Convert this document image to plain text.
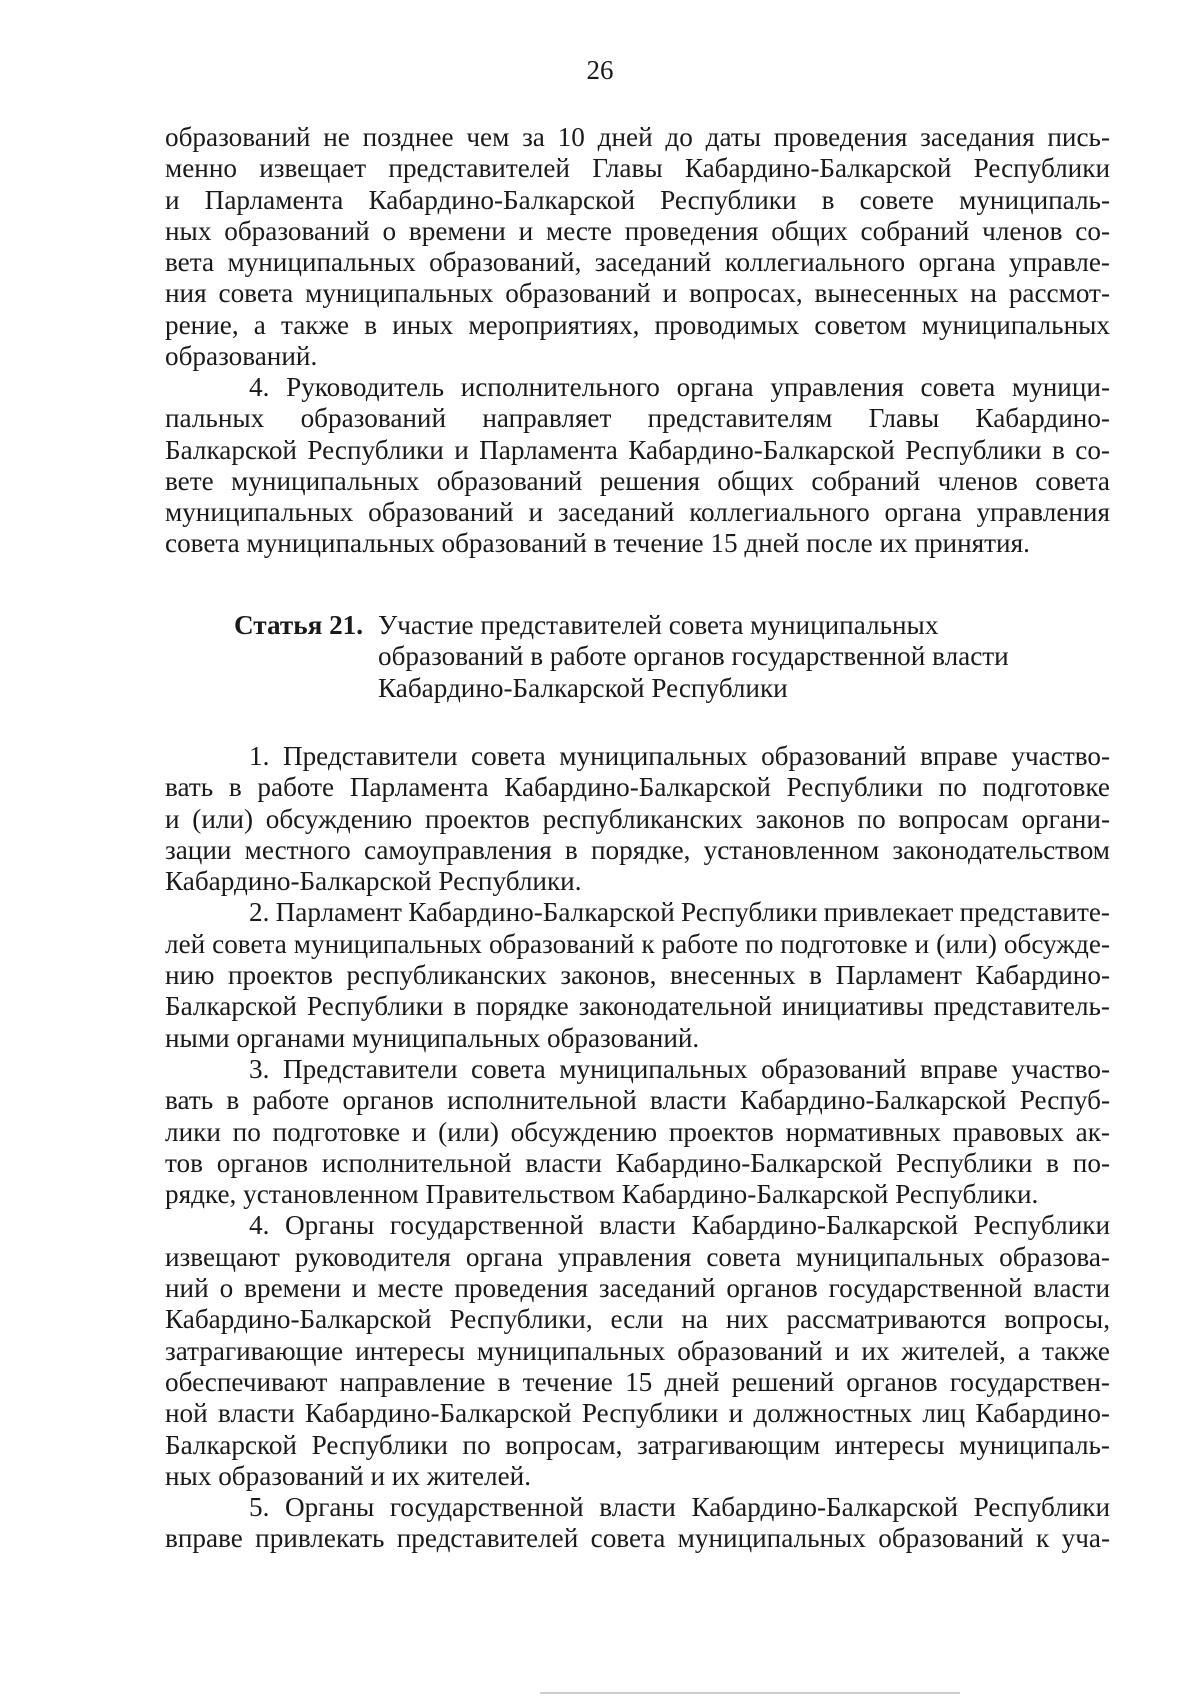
26
образований не позднее чем за 10 дней до даты проведения заседания пись-
менно извещает представителей Главы Кабардино-Балкарской Республики
и Парламента Кабардино-Балкарской Республики в совете муниципаль-
ных образований о времени и месте проведения общих собраний членов со-
вета муниципальных образований, заседаний коллегиального органа управле-
ния совета муниципальных образований и вопросах, вынесенных на рассмот-
рение, а также в иных мероприятиях, проводимых советом муниципальных
образований.
4. Руководитель исполнительного органа управления совета муници-
пальных образований направляет представителям Главы Кабардино-
Балкарской Республики и Парламента Кабардино-Балкарской Республики в со-
вете муниципальных образований решения общих собраний членов совета
муниципальных образований и заседаний коллегиального органа управления
совета муниципальных образований в течение 15 дней после их принятия.
Статья 21. Участие представителей совета муниципальных
образований в работе органов государственной власти
Кабардино-Балкарской Республики
1. Представители совета муниципальных образований вправе участво-
вать в работе Парламента Кабардино-Балкарской Республики по подготовке
и (или) обсуждению проектов республиканских законов по вопросам органи-
зации местного самоуправления в порядке, установленном законодательством
Кабардино-Балкарской Республики.
2. Парламент Кабардино-Балкарской Республики привлекает представите-
лей совета муниципальных образований к работе по подготовке и (или) обсужде-
нию проектов республиканских законов, внесенных в Парламент Кабардино-
Балкарской Республики в порядке законодательной инициативы представитель-
ными органами муниципальных образований.
3. Представители совета муниципальных образований вправе участво-
вать в работе органов исполнительной власти Кабардино-Балкарской Респуб-
лики по подготовке и (или) обсуждению проектов нормативных правовых ак-
тов органов исполнительной власти Кабардино-Балкарской Республики в по-
рядке, установленном Правительством Кабардино-Балкарской Республики.
4. Органы государственной власти Кабардино-Балкарской Республики
извещают руководителя органа управления совета муниципальных образова-
ний о времени и месте проведения заседаний органов государственной власти
Кабардино-Балкарской Республики, если на них рассматриваются вопросы,
затрагивающие интересы муниципальных образований и их жителей, а также
обеспечивают направление в течение 15 дней решений органов государствен-
ной власти Кабардино-Балкарской Республики и должностных лиц Кабардино-
Балкарской Республики по вопросам, затрагивающим интересы муниципаль-
ных образований и их жителей.
5. Органы государственной власти Кабардино-Балкарской Республики
вправе привлекать представителей совета муниципальных образований к уча-
